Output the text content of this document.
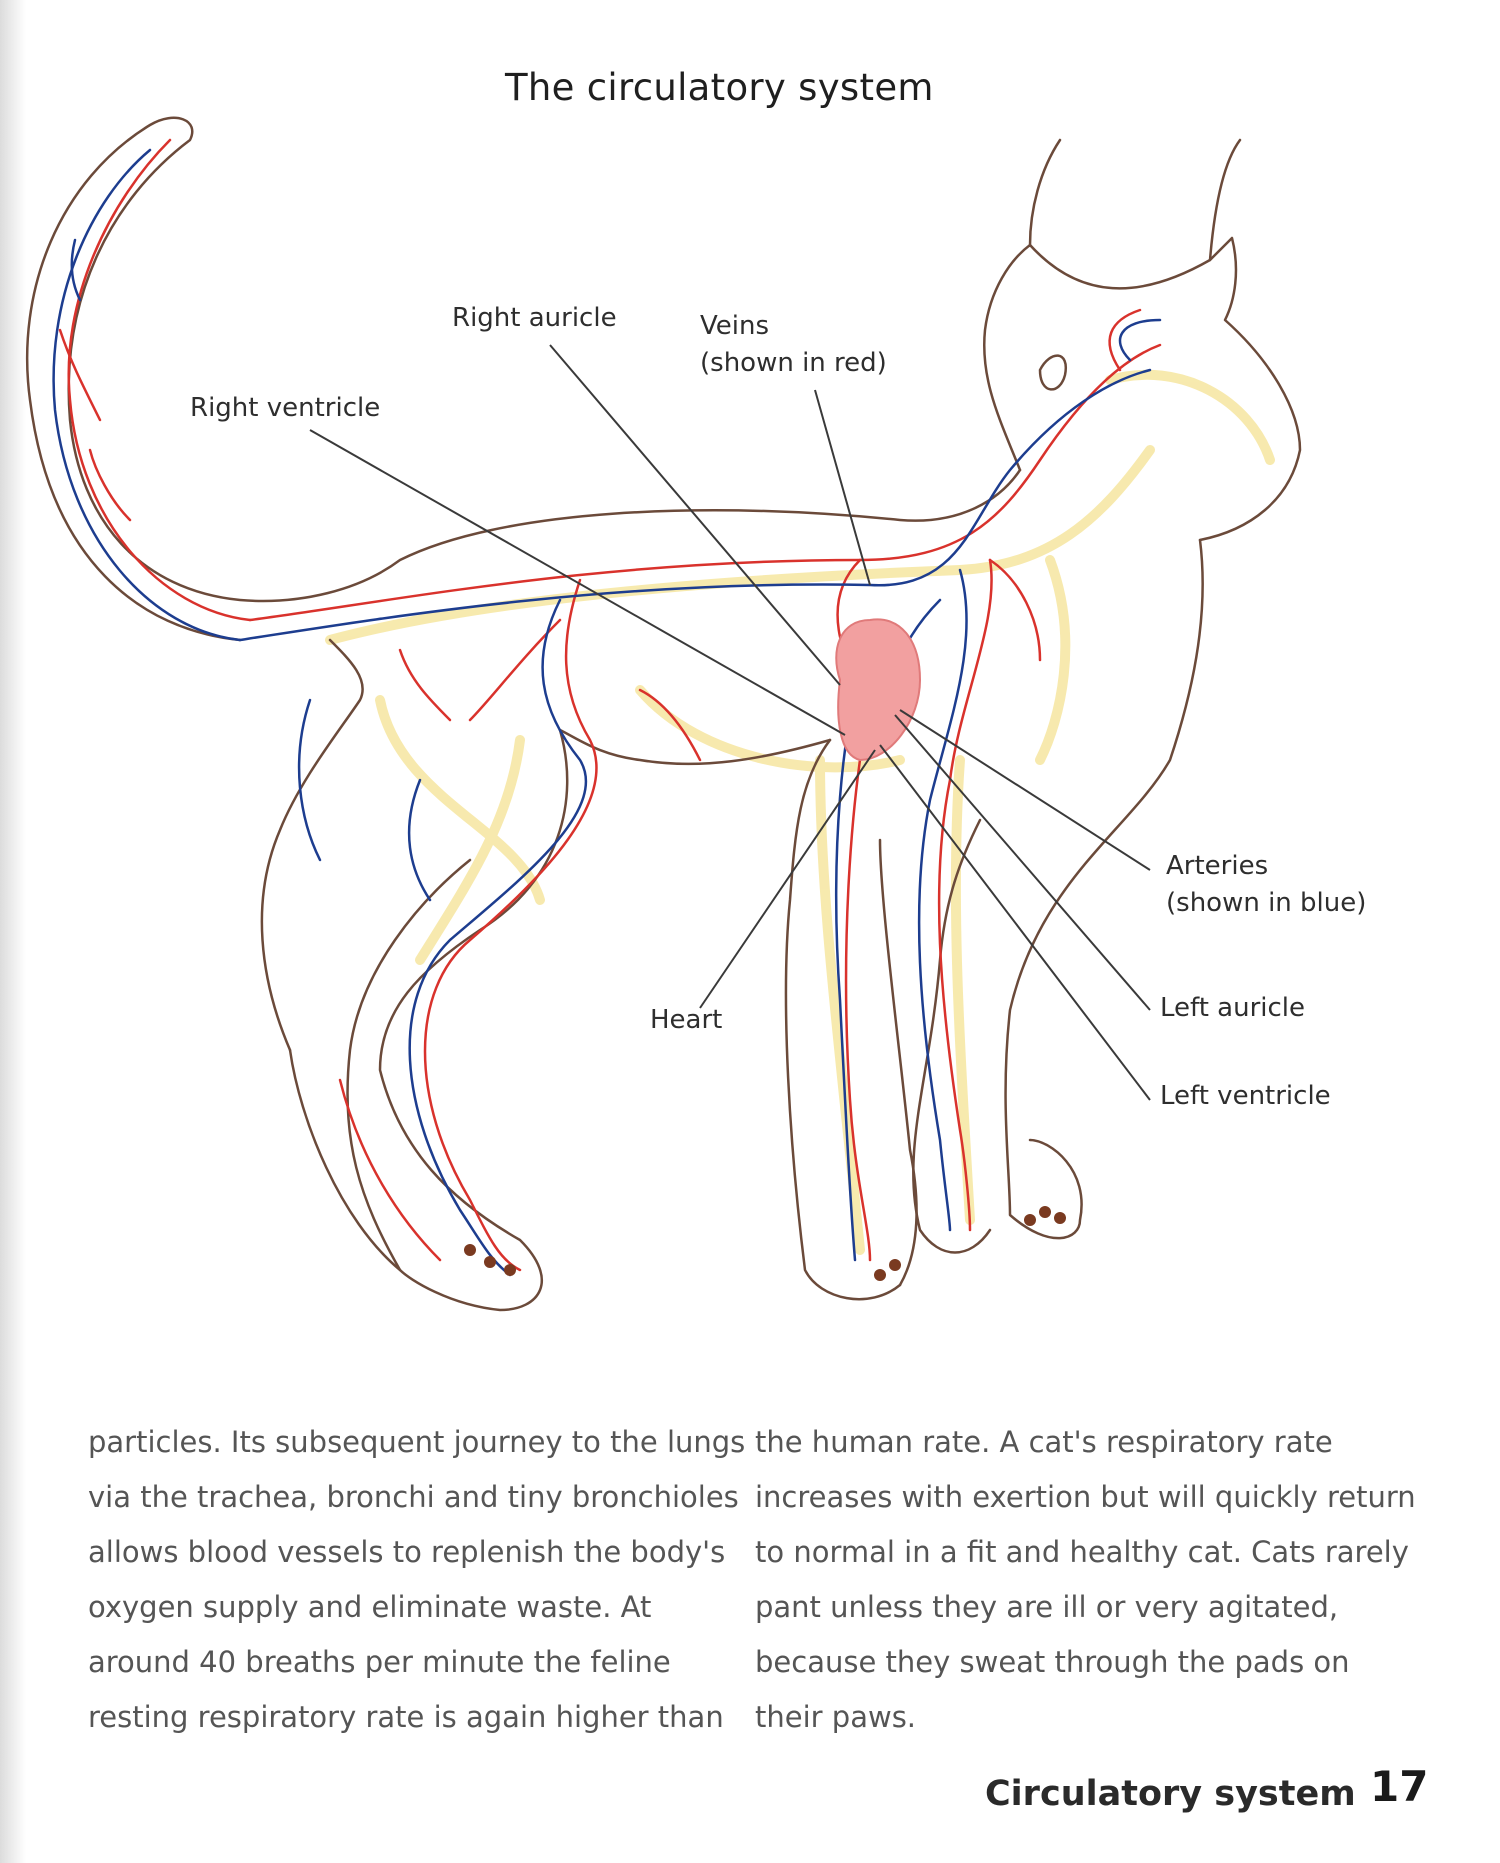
The circulatory system
Right auricle	Veins
(shown in red)
Right ventricle
Arteries
(shown in blue)
Heart	Left auricle
Left ventricle

particles. Its subsequent journey to the lungs

via the trachea, bronchi and tiny bronchioles

allows blood vessels to replenish the body's

oxygen supply and eliminate waste. At

around 40 breaths per minute the feline

resting respiratory rate is again higher than

the human rate. A cat's respiratory rate

increases with exertion but will quickly return

to normal in a fit and healthy cat. Cats rarely

pant unless they are ill or very agitated,

because they sweat through the pads on

their paws.

Circulatory system 17
